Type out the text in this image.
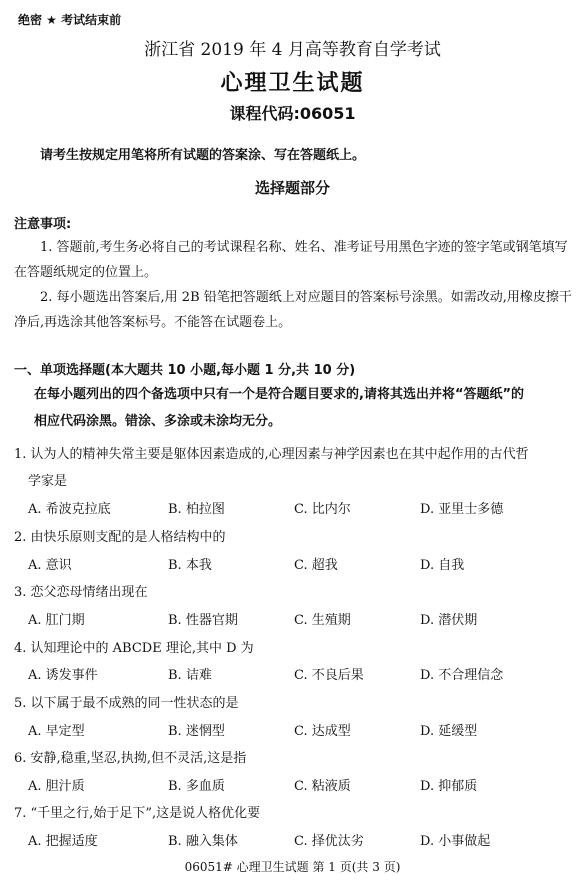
绝密 ★ 考试结束前
浙江省 2019 年 4 月高等教育自学考试
心理卫生试题
课程代码:06051
请考生按规定用笔将所有试题的答案涂、写在答题纸上。
选择题部分
注意事项:
1. 答题前,考生务必将自己的考试课程名称、姓名、准考证号用黑色字迹的签字笔或钢笔填写在答题纸规定的位置上。
2. 每小题选出答案后,用 2B 铅笔把答题纸上对应题目的答案标号涂黑。如需改动,用橡皮擦干净后,再选涂其他答案标号。不能答在试题卷上。
一、单项选择题(本大题共 10 小题,每小题 1 分,共 10 分)
在每小题列出的四个备选项中只有一个是符合题目要求的,请将其选出并将“答题纸”的
相应代码涂黑。错涂、多涂或未涂均无分。
1. 认为人的精神失常主要是躯体因素造成的,心理因素与神学因素也在其中起作用的古代哲
学家是
A. 希波克拉底	B. 柏拉图	C. 比内尔	D. 亚里士多德
2. 由快乐原则支配的是人格结构中的
A. 意识	B. 本我	C. 超我	D. 自我
3. 恋父恋母情绪出现在
A. 肛门期	B. 性器官期	C. 生殖期	D. 潜伏期
4. 认知理论中的 ABCDE 理论,其中 D 为
A. 诱发事件	B. 诘难	C. 不良后果	D. 不合理信念
5. 以下属于最不成熟的同一性状态的是
A. 早定型	B. 迷惘型	C. 达成型	D. 延缓型
6. 安静,稳重,坚忍,执拗,但不灵活,这是指
A. 胆汁质	B. 多血质	C. 粘液质	D. 抑郁质
7. “千里之行,始于足下”,这是说人格优化要
A. 把握适度	B. 融入集体	C. 择优汰劣	D. 小事做起
06051# 心理卫生试题 第 1 页(共 3 页)
